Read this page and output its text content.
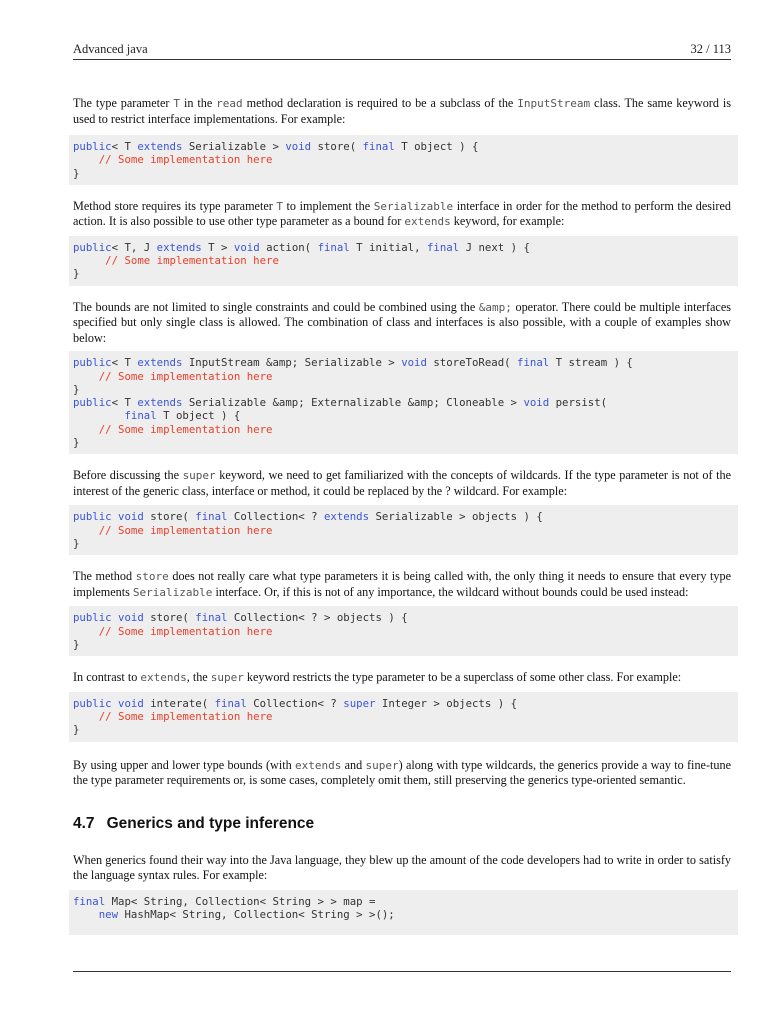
Advanced java	32 / 113

The type parameter T in the read method declaration is required to be a subclass of the InputStream class. The same keyword is used to restrict interface implementations. For example:

public< T extends Serializable > void store( final T object ) {
// Some implementation here
}

Method store requires its type parameter T to implement the Serializable interface in order for the method to perform the desired action. It is also possible to use other type parameter as a bound for extends keyword, for example:

public< T, J extends T > void action( final T initial, final J next ) {
// Some implementation here
}

The bounds are not limited to single constraints and could be combined using the &amp; operator. There could be multiple interfaces specified but only single class is allowed. The combination of class and interfaces is also possible, with a couple of examples show below:

public< T extends InputStream &amp; Serializable > void storeToRead( final T stream ) {
// Some implementation here
}
public< T extends Serializable &amp; Externalizable &amp; Cloneable > void persist(
final T object ) {
// Some implementation here
}

Before discussing the super keyword, we need to get familiarized with the concepts of wildcards. If the type parameter is not of the interest of the generic class, interface or method, it could be replaced by the ? wildcard. For example:

public void store( final Collection< ? extends Serializable > objects ) {
// Some implementation here
}

The method store does not really care what type parameters it is being called with, the only thing it needs to ensure that every type implements Serializable interface. Or, if this is not of any importance, the wildcard without bounds could be used instead:

public void store( final Collection< ? > objects ) {
// Some implementation here
}

In contrast to extends, the super keyword restricts the type parameter to be a superclass of some other class. For example:

public void interate( final Collection< ? super Integer > objects ) {
// Some implementation here
}

By using upper and lower type bounds (with extends and super) along with type wildcards, the generics provide a way to fine-tune the type parameter requirements or, is some cases, completely omit them, still preserving the generics type-oriented semantic.

4.7 Generics and type inference

When generics found their way into the Java language, they blew up the amount of the code developers had to write in order to satisfy the language syntax rules. For example:

final Map< String, Collection< String > > map =
new HashMap< String, Collection< String > >();
